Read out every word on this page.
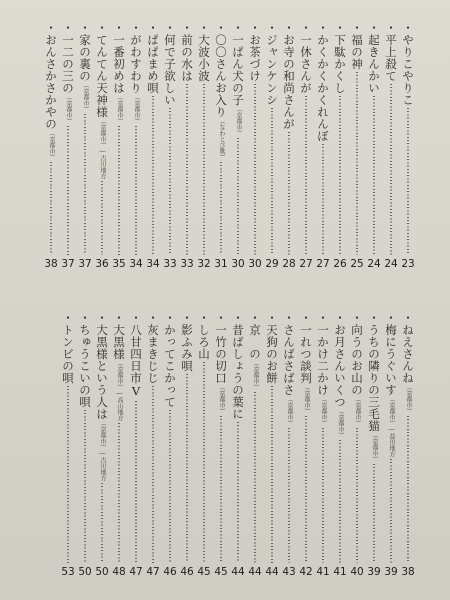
・やりこやりこ
23
・平上殺て
24
・起きんかい
24
・福の神
25
・下駄かくし
26
・かくかくかくれんぼ
27
・一休さんが
27
・お寺の和尚さんが
28
・ジャンケンシ
29
・お茶づけ
30
・一ぱん犬の子（京都市）
30
・〇〇さんお入り（なわとび歌）
31
・大波小波
32
・前の水は
33
・何で子欲しい
33
・ぱぱまめ唄
34
・がわすわり（京都市）
34
・一番初めは（京都市）
35
・てんてん天神様（京都市）―古川地方
36
・家の裏の（京都市）
37
・一二の三の（京都市）
37
・おんさかさかやの（京都市）
38
・ねえさんね（京都市）
38
・梅にうぐいす（京都市）―益田地方
39
・うちの隣りの三毛猫（京都市）
39
・向うのお山の（京都市）
40
・お月さんいくつ（京都市）
41
・一かけ二かけ（京都市）
41
・一れつ談判（京都市）
42
・さんばさばさ（京都市）
43
・天狗のお餅
44
・京　の（京都市）
44
・昔ばしょうの葉に
44
・一竹の切口（京都市）
45
・しろ山
45
・影ふみ唄
46
・かってこかって
46
・灰まきじじ
47
・八甘四日市V
47
・大黒様（京都市）―高山地方
48
・大黒様という人は（京都市）―古川地方
50
・ちゅうこいの唄
50
・トンビの唄
53
